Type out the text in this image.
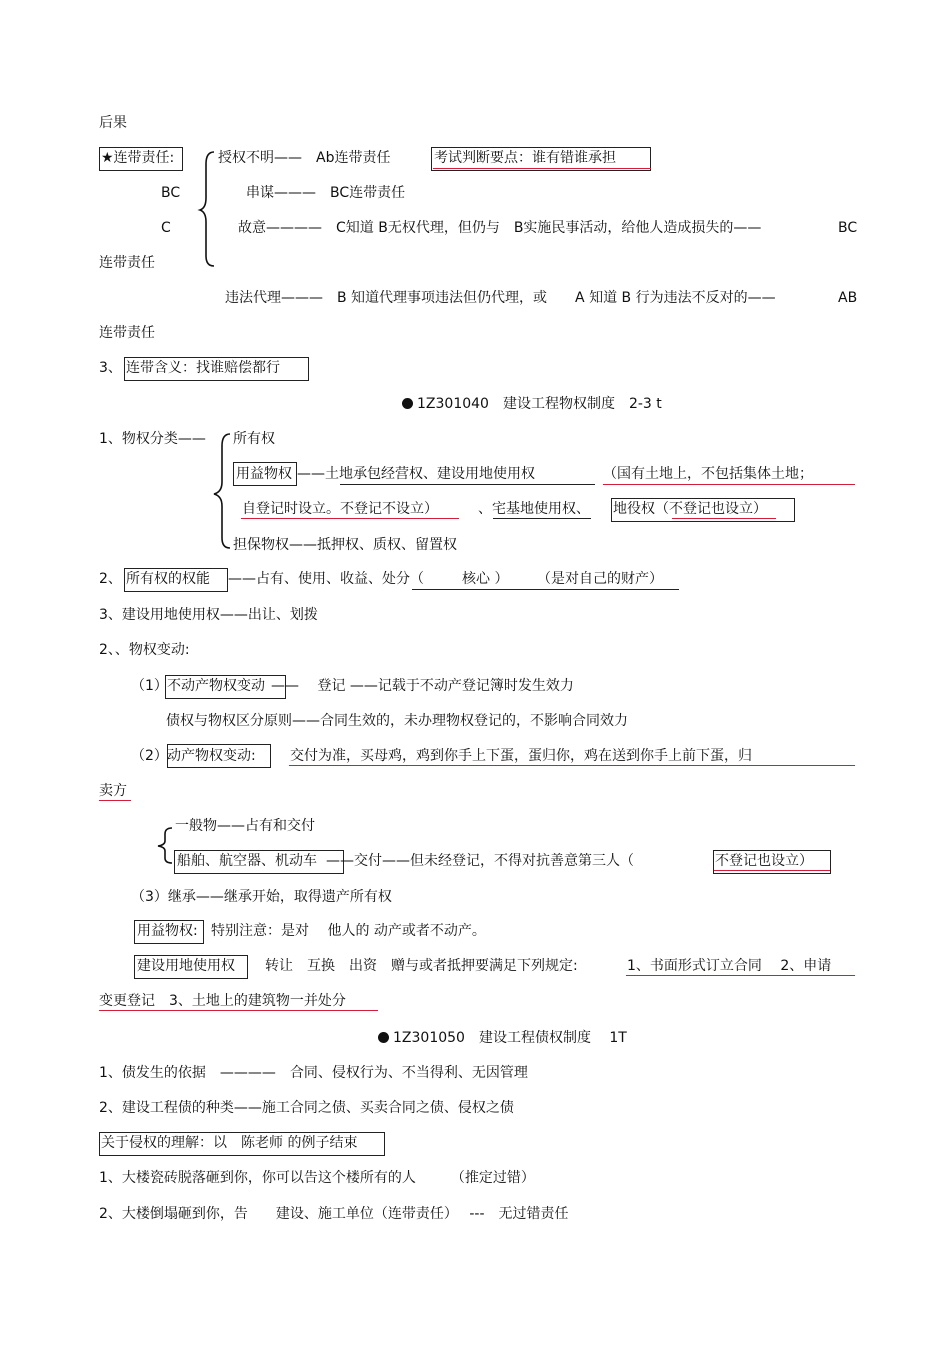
后果
★连带责任:
BC
C
授权不明——　Ab连带责任	考试判断要点：谁有错谁承担
串谋———　BC连带责任
故意————　C知道 B无权代理，但仍与　B实施民事活动，给他人造成损失的——	BC
连带责任
违法代理———　B 知道代理事项违法但仍代理，或　　A 知道 B 行为违法不反对的——	AB
连带责任
3、 连带含义：找谁赔偿都行
1Z301040　建设工程物权制度　2-3 t
1、物权分类—— 所有权
用益物权 ——土地承包经营权、建设用地使用权	（国有土地上，不包括集体土地；
自登记时设立。不登记不设立）	、宅基地使用权、 地役权（不登记也设立）
担保物权——抵押权、质权、留置权
2、 所有权的权能 ——占有、使用、收益、处分（	核心 ） （是对自己的财产）
3、建设用地使用权——出让、划拨
2、、物权变动:
（1） 不动产物权变动 ——　 登记 ——记载于不动产登记簿时发生效力
债权与物权区分原则——合同生效的，未办理物权登记的，不影响合同效力
（2） 动产物权变动: 交付为准，买母鸡，鸡到你手上下蛋，蛋归你，鸡在送到你手上前下蛋，归
卖方
一般物——占有和交付
船舶、航空器、机动车 ——交付——但未经登记，不得对抗善意第三人（	不登记也设立）
（3）继承——继承开始，取得遗产所有权
用益物权: 特别注意：是对　 他人的 动产或者不动产。
建设用地使用权 转让　互换　出资　赠与或者抵押要满足下列规定:	1、书面形式订立合同　 2、申请
变更登记　3、土地上的建筑物一并处分
1Z301050　建设工程债权制度　 1T
1、债发生的依据　————　合同、侵权行为、不当得利、无因管理
2、建设工程债的种类——施工合同之债、买卖合同之债、侵权之债
关于侵权的理解：以　陈老师 的例子结束
1、大楼瓷砖脱落砸到你，你可以告这个楼所有的人　　　（推定过错）
2、大楼倒塌砸到你，告　　建设、施工单位（连带责任）　 ---　无过错责任
